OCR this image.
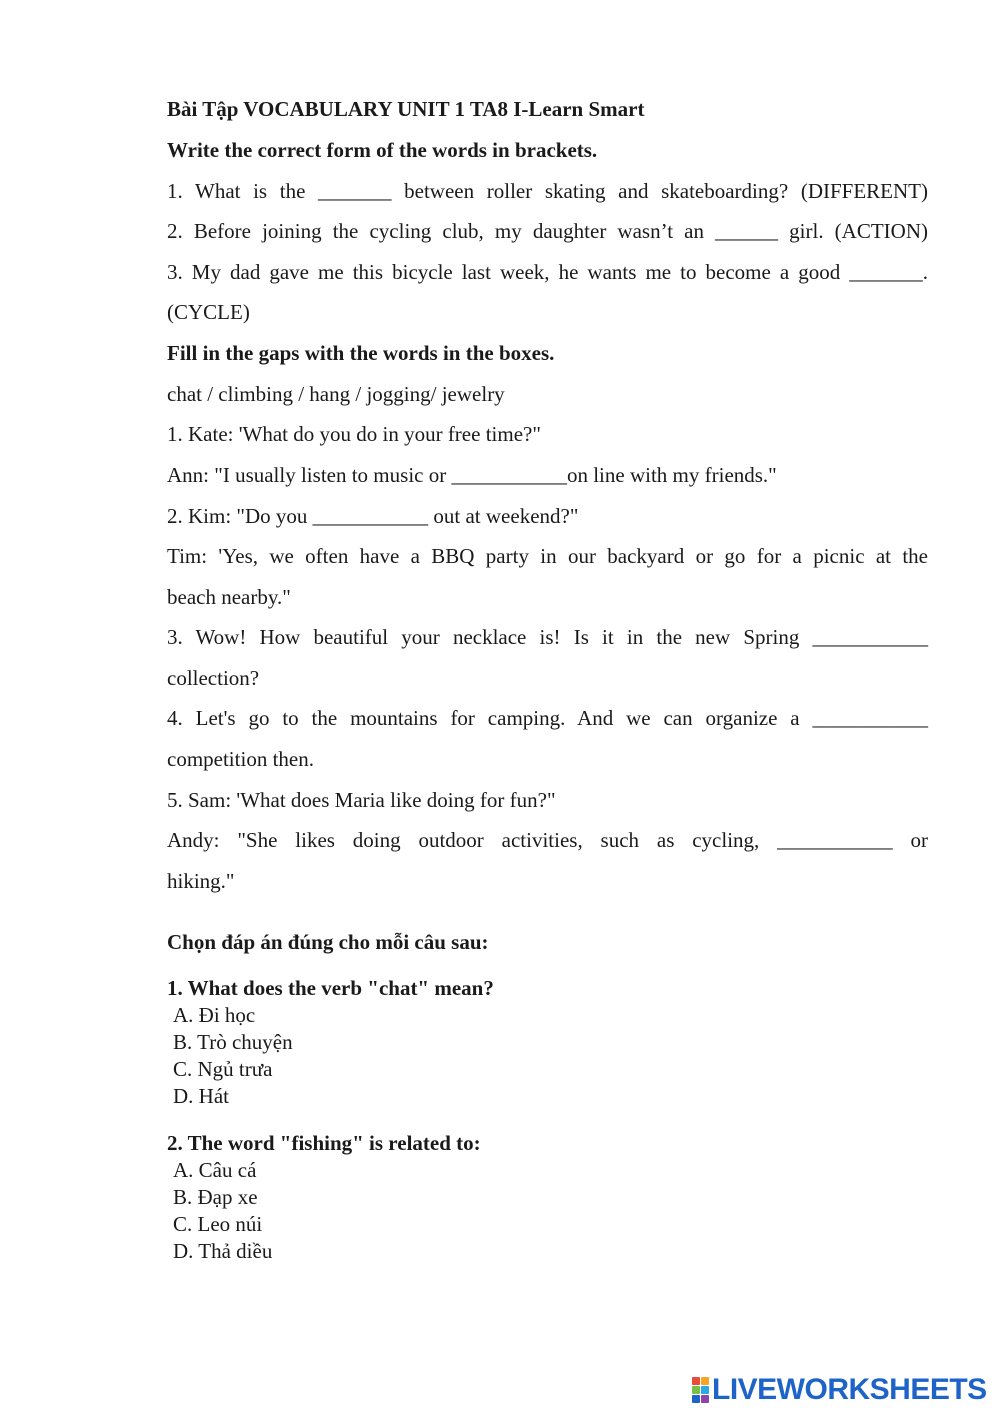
Bài Tập VOCABULARY UNIT 1 TA8 I-Learn Smart
Write the correct form of the words in brackets.
1. What is the _______ between roller skating and skateboarding? (DIFFERENT)
2. Before joining the cycling club, my daughter wasn’t an ______ girl. (ACTION)
3. My dad gave me this bicycle last week, he wants me to become a good _______.
(CYCLE)
Fill in the gaps with the words in the boxes.
chat / climbing / hang / jogging/ jewelry
1. Kate: 'What do you do in your free time?"
Ann: "I usually listen to music or ___________on line with my friends."
2. Kim: "Do you ___________ out at weekend?"
Tim: 'Yes, we often have a BBQ party in our backyard or go for a picnic at the
beach nearby."
3. Wow! How beautiful your necklace is! Is it in the new Spring ___________
collection?
4. Let's go to the mountains for camping. And we can organize a ___________
competition then.
5. Sam: 'What does Maria like doing for fun?"
Andy: "She likes doing outdoor activities, such as cycling, ___________ or
hiking."
Chọn đáp án đúng cho mỗi câu sau:
1. What does the verb "chat" mean?
A. Đi học
B. Trò chuyện
C. Ngủ trưa
D. Hát
2. The word "fishing" is related to:
A. Câu cá
B. Đạp xe
C. Leo núi
D. Thả diều
LIVEWORKSHEETS
